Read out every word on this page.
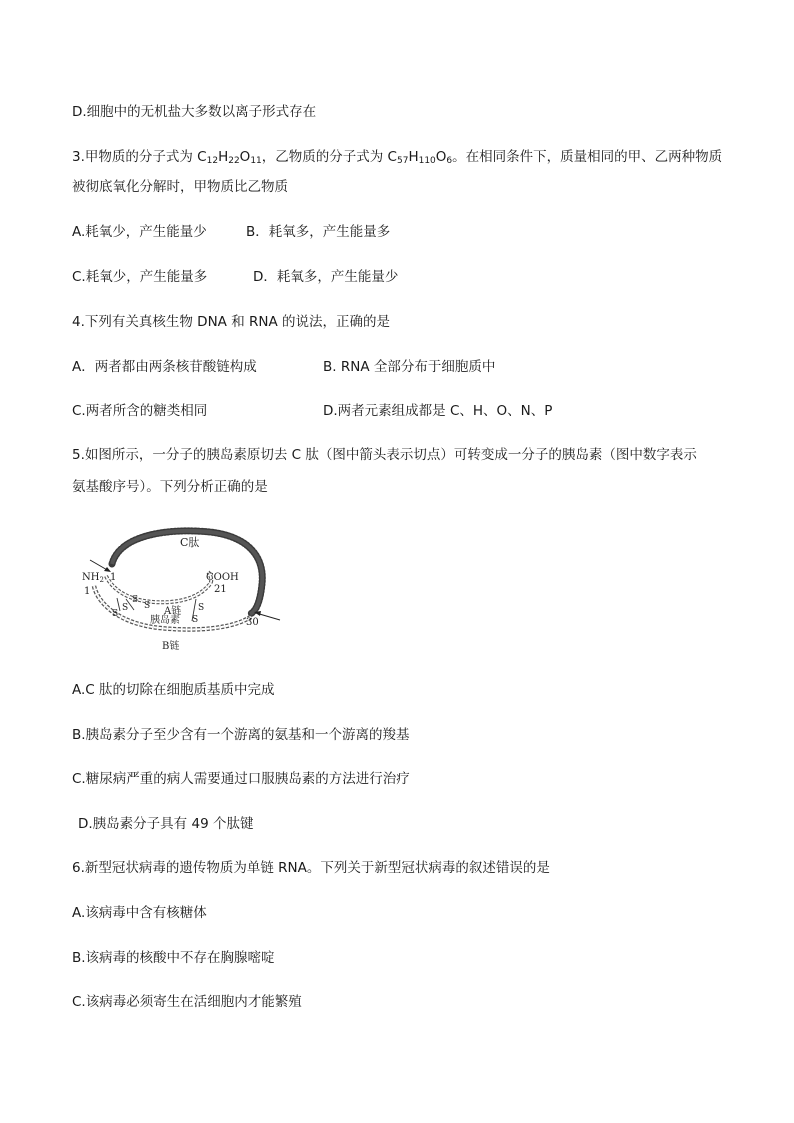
D.细胞中的无机盐大多数以离子形式存在
3.甲物质的分子式为 $C_{12}H_{22}O_{11}$，乙物质的分子式为 $C_{57}H_{110}O_6$。在相同条件下，质量相同的甲、乙两种物质
被彻底氧化分解时，甲物质比乙物质
A.耗氧少，产生能量少	B．耗氧多，产生能量多
C.耗氧少，产生能量多	D．耗氧多，产生能量少
4.下列有关真核生物 DNA 和 RNA 的说法，正确的是
A．两者都由两条核苷酸链构成	B. RNA 全部分布于细胞质中
C.两者所含的糖类相同	D.两者元素组成都是 C、H、O、N、P
5.如图所示，一分子的胰岛素原切去 C 肽（图中箭头表示切点）可转变成一分子的胰岛素（图中数字表示
氨基酸序号）。下列分析正确的是
C肽
$NH_2$ 1
1
COOH
21
A链
胰岛素
B链
30
S
S
S
S	S
S
A.C 肽的切除在细胞质基质中完成
B.胰岛素分子至少含有一个游离的氨基和一个游离的羧基
C.糖尿病严重的病人需要通过口服胰岛素的方法进行治疗
D.胰岛素分子具有 49 个肽键
6.新型冠状病毒的遗传物质为单链 RNA。下列关于新型冠状病毒的叙述错误的是
A.该病毒中含有核糖体
B.该病毒的核酸中不存在胸腺嘧啶
C.该病毒必须寄生在活细胞内才能繁殖
